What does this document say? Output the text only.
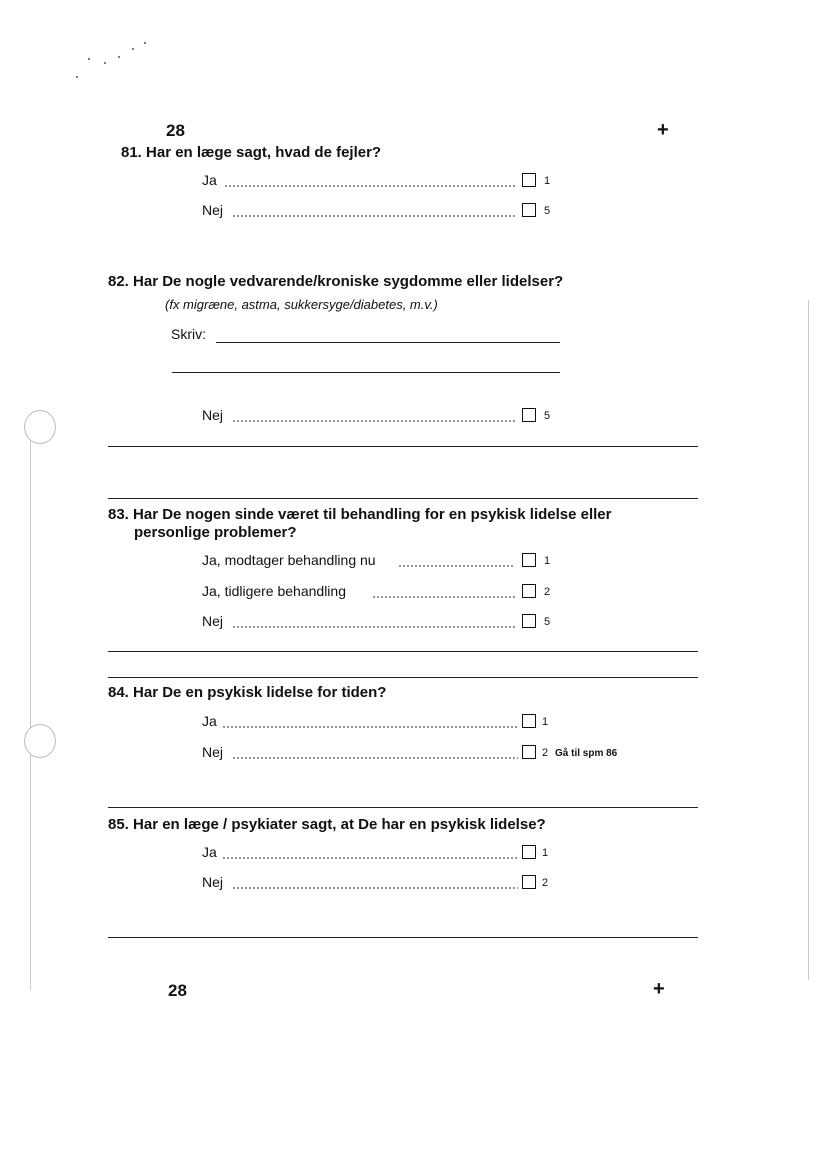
28	+
81. Har en læge sagt, hvad de fejler?
Ja	1
Nej	5
82. Har De nogle vedvarende/kroniske sygdomme eller lidelser?
(fx migræne, astma, sukkersyge/diabetes, m.v.)
Skriv:
Nej	5
83. Har De nogen sinde været til behandling for en psykisk lidelse eller
personlige problemer?
Ja, modtager behandling nu	1
Ja, tidligere behandling	2
Nej	5
84. Har De en psykisk lidelse for tiden?
Ja	1
Nej	2 Gå til spm 86
85. Har en læge / psykiater sagt, at De har en psykisk lidelse?
Ja	1
Nej	2
28	+
